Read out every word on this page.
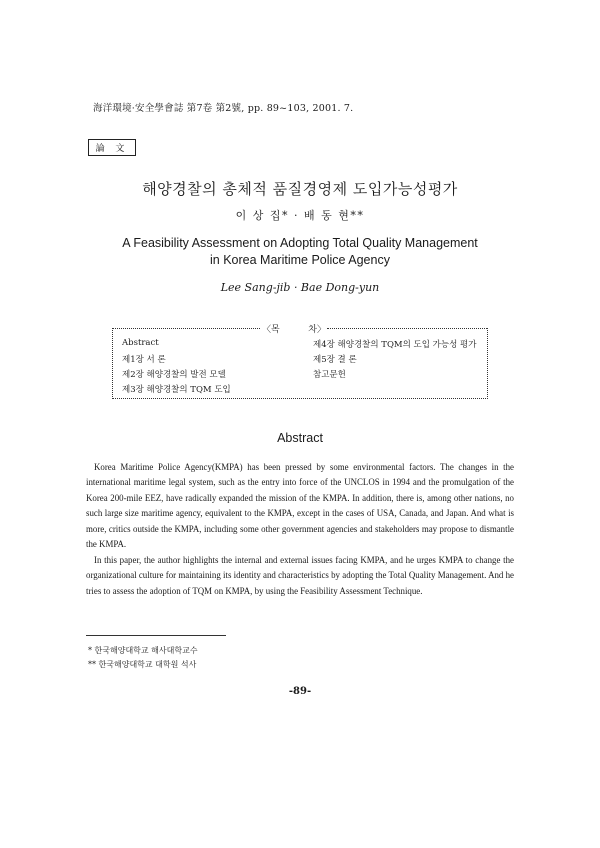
海洋環境·安全學會誌 第7卷 第2號, pp. 89~103, 2001. 7.
論 文
해양경찰의 총체적 품질경영제 도입가능성평가
이 상 집* · 배 동 현**
A Feasibility Assessment on Adopting Total Quality Management
in Korea Maritime Police Agency
Lee Sang-jib · Bae Dong-yun
〈목	차〉
Abstract
제1장 서 론
제2장 해양경찰의 발전 모델
제3장 해양경찰의 TQM 도입
제4장 해양경찰의 TQM의 도입 가능성 평가
제5장 결 론
참고문헌
Abstract

Korea Maritime Police Agency(KMPA) has been pressed by some environmental factors. The changes in the international maritime legal system, such as the entry into force of the UNCLOS in 1994 and the promulgation of the Korea 200-mile EEZ, have radically expanded the mission of the KMPA. In addition, there is, among other nations, no such large size maritime agency, equivalent to the KMPA, except in the cases of USA, Canada, and Japan. And what is more, critics outside the KMPA, including some other government agencies and stakeholders may propose to dismantle the KMPA.

In this paper, the author highlights the internal and external issues facing KMPA, and he urges KMPA to change the organizational culture for maintaining its identity and characteristics by adopting the Total Quality Management. And he tries to assess the adoption of TQM on KMPA, by using the Feasibility Assessment Technique.

* 한국해양대학교 해사대학교수
** 한국해양대학교 대학원 석사
-89-
